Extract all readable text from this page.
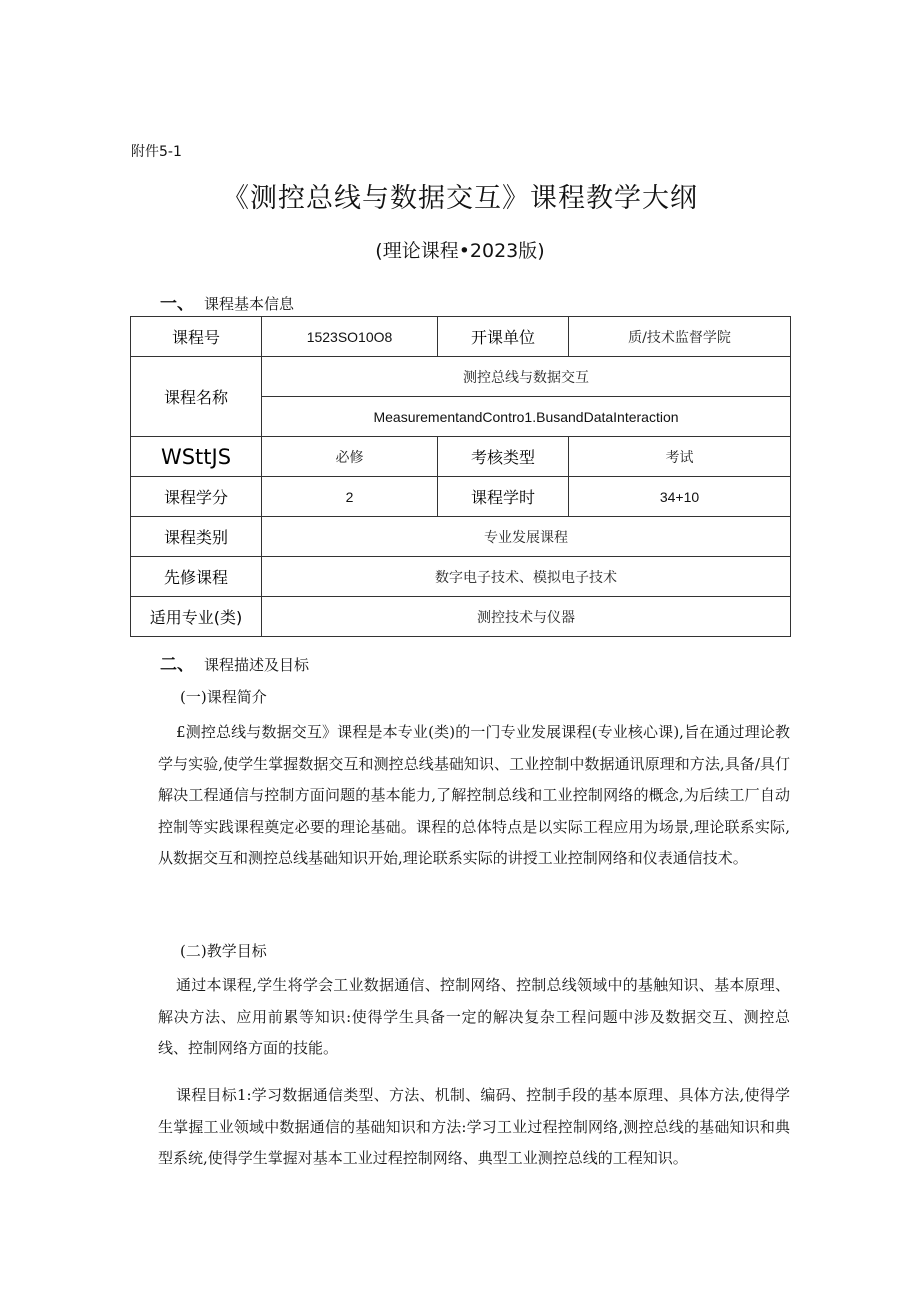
附件5-1
《测控总线与数据交互》课程教学大纲
(理论课程•2023版)
一、 课程基本信息
课程号	1523SO10O8	开课单位	质/技术监督学院
课程名称	测控总线与数据交互		
	MeasurementandContro1.BusandDataInteraction		
WSttJS	必修	考核类型	考试
课程学分	2	课程学时	34+10
课程类别	专业发展课程		
先修课程	数字电子技术、模拟电子技术		
适用专业(类)	测控技术与仪器		
二、 课程描述及目标
(一)课程简介

£测控总线与数据交互》课程是本专业(类)的一门专业发展课程(专业核心课),旨在通过理论教学与实验,使学生掌握数据交互和测控总线基础知识、工业控制中数据通讯原理和方法,具备/具仃解决工程通信与控制方面问题的基本能力,了解控制总线和工业控制网络的概念,为后续工厂自动控制等实践课程奠定必要的理论基础。课程的总体特点是以实际工程应用为场景,理论联系实际,从数据交互和测控总线基础知识开始,理论联系实际的讲授工业控制网络和仪表通信技术。

(二)教学目标

通过本课程,学生将学会工业数据通信、控制网络、控制总线领域中的基触知识、基本原理、解决方法、应用前累等知识:使得学生具备一定的解决复杂工程问题中涉及数据交互、测控总线、控制网络方面的技能。

课程目标1:学习数据通信类型、方法、机制、编码、控制手段的基本原理、具体方法,使得学生掌握工业领域中数据通信的基础知识和方法:学习工业过程控制网络,测控总线的基础知识和典型系统,使得学生掌握对基本工业过程控制网络、典型工业测控总线的工程知识。
